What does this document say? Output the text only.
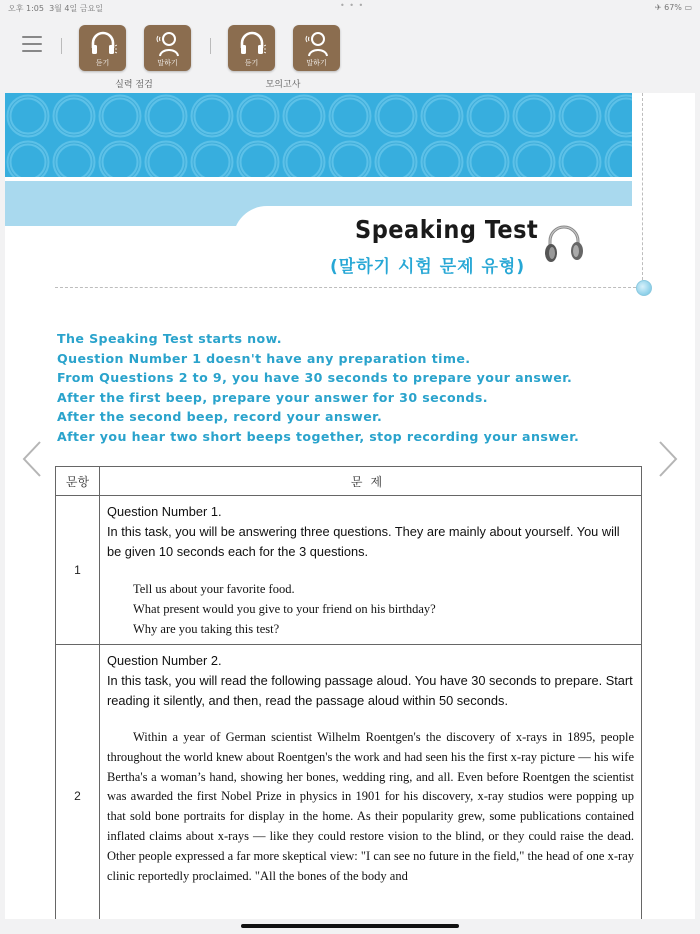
오후 1:05 3월 4일 금요일	• • •	✈︎ 67% ▭
듣기	말하기
실력 점검
듣기	말하기
모의고사
Speaking Test
(말하기 시험 문제 유형)
The Speaking Test starts now.
Question Number 1 doesn't have any preparation time.
From Questions 2 to 9, you have 30 seconds to prepare your answer.
After the first beep, prepare your answer for 30 seconds.
After the second beep, record your answer.
After you hear two short beeps together, stop recording your answer.
문항	문제
1	Question Number 1.
In this task, you will be answering three questions. They are mainly about yourself. You will be given 10 seconds each for the 3 questions.
Tell us about your favorite food.
What present would you give to your friend on his birthday?
Why are you taking this test?

2	Question Number 2.
In this task, you will read the following passage aloud. You have 30 seconds to prepare. Start reading it silently, and then, read the passage aloud within 50 seconds.
Within a year of German scientist Wilhelm Roentgen's the discovery of x-rays in 1895, people throughout the world knew about Roentgen's the work and had seen his the first x-ray picture — his wife Bertha's a woman’s hand, showing her bones, wedding ring, and all. Even before Roentgen the scientist was awarded the first Nobel Prize in physics in 1901 for his discovery, x-ray studios were popping up that sold bone portraits for display in the home. As their popularity grew, some publications contained inflated claims about x-rays — like they could restore vision to the blind, or they could raise the dead. Other people expressed a far more skeptical view: "I can see no future in the field," the head of one x-ray clinic reportedly proclaimed. "All the bones of the body and
